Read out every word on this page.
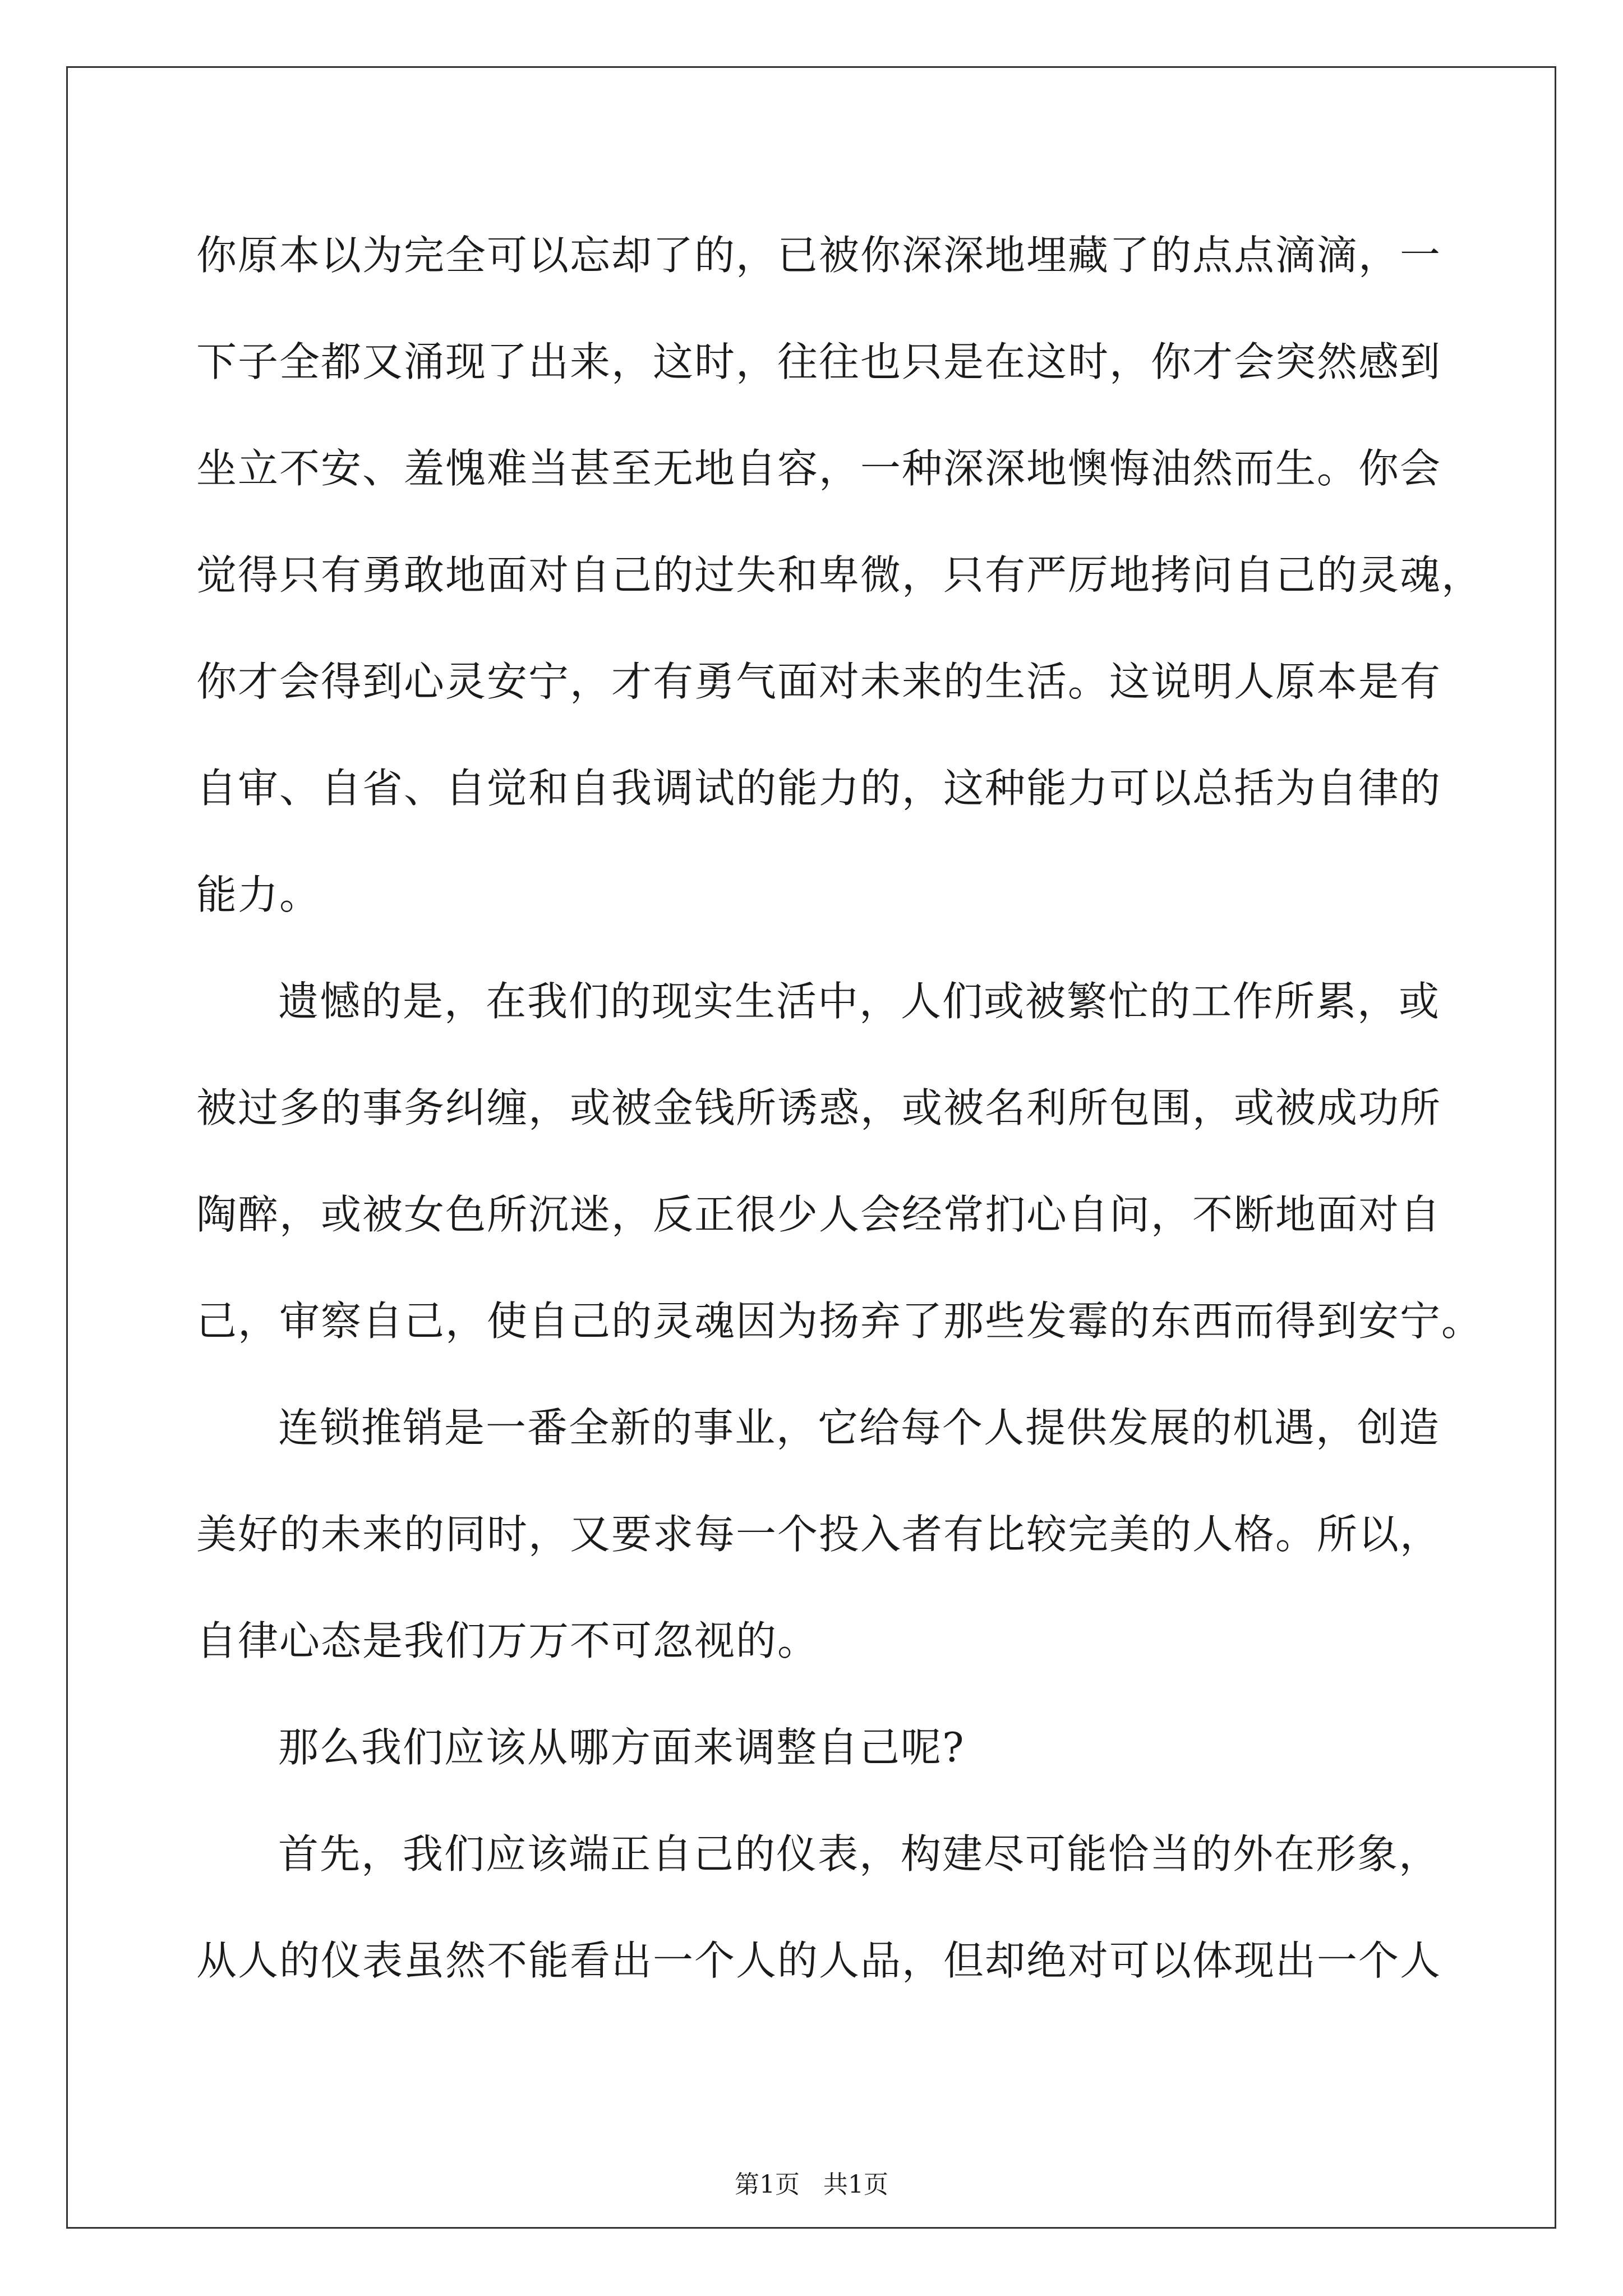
你原本以为完全可以忘却了的，已被你深深地埋藏了的点点滴滴，一
下子全都又涌现了出来，这时，往往也只是在这时，你才会突然感到
坐立不安、羞愧难当甚至无地自容，一种深深地懊悔油然而生。你会
觉得只有勇敢地面对自己的过失和卑微，只有严厉地拷问自己的灵魂，
你才会得到心灵安宁，才有勇气面对未来的生活。这说明人原本是有
自审、自省、自觉和自我调试的能力的，这种能力可以总括为自律的
能力。
遗憾的是，在我们的现实生活中，人们或被繁忙的工作所累，或
被过多的事务纠缠，或被金钱所诱惑，或被名利所包围，或被成功所
陶醉，或被女色所沉迷，反正很少人会经常扪心自问，不断地面对自
己，审察自己，使自己的灵魂因为扬弃了那些发霉的东西而得到安宁。
连锁推销是一番全新的事业，它给每个人提供发展的机遇，创造
美好的未来的同时，又要求每一个投入者有比较完美的人格。所以，
自律心态是我们万万不可忽视的。
那么我们应该从哪方面来调整自己呢?
首先，我们应该端正自己的仪表，构建尽可能恰当的外在形象，
从人的仪表虽然不能看出一个人的人品，但却绝对可以体现出一个人
第1页   共1页
